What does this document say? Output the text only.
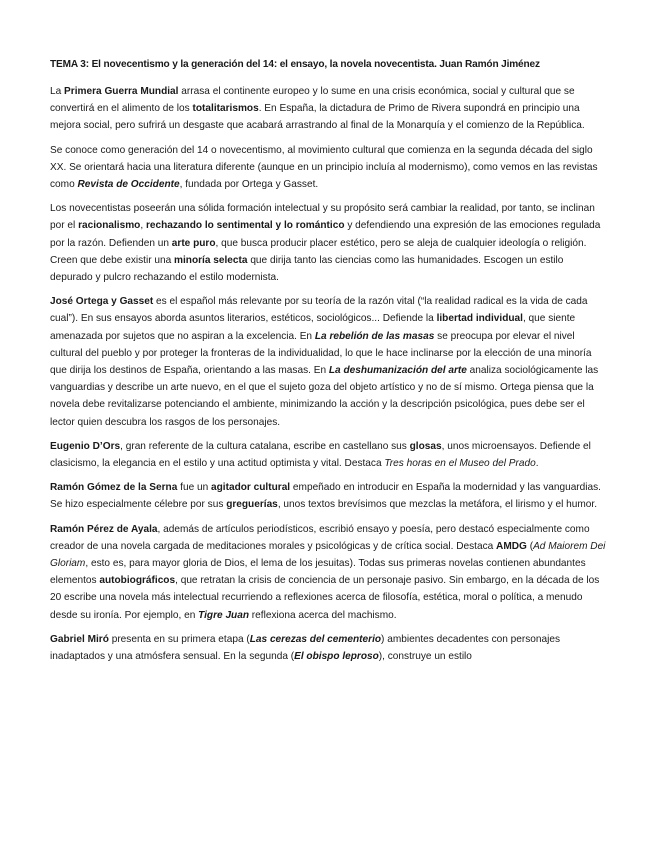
TEMA 3: El novecentismo y la generación del 14: el ensayo, la novela novecentista. Juan Ramón Jiménez

La Primera Guerra Mundial arrasa el continente europeo y lo sume en una crisis económica, social y cultural que se convertirá en el alimento de los totalitarismos. En España, la dictadura de Primo de Rivera supondrá en principio una mejora social, pero sufrirá un desgaste que acabará arrastrando al final de la Monarquía y el comienzo de la República.

Se conoce como generación del 14 o novecentismo, al movimiento cultural que comienza en la segunda década del siglo XX. Se orientará hacia una literatura diferente (aunque en un principio incluía al modernismo), como vemos en las revistas como Revista de Occidente, fundada por Ortega y Gasset.

Los novecentistas poseerán una sólida formación intelectual y su propósito será cambiar la realidad, por tanto, se inclinan por el racionalismo, rechazando lo sentimental y lo romántico y defendiendo una expresión de las emociones regulada por la razón. Defienden un arte puro, que busca producir placer estético, pero se aleja de cualquier ideología o religión. Creen que debe existir una minoría selecta que dirija tanto las ciencias como las humanidades. Escogen un estilo depurado y pulcro rechazando el estilo modernista.

José Ortega y Gasset es el español más relevante por su teoría de la razón vital (“la realidad radical es la vida de cada cual”). En sus ensayos aborda asuntos literarios, estéticos, sociológicos... Defiende la libertad individual, que siente amenazada por sujetos que no aspiran a la excelencia. En La rebelión de las masas se preocupa por elevar el nivel cultural del pueblo y por proteger la fronteras de la individualidad, lo que le hace inclinarse por la elección de una minoría que dirija los destinos de España, orientando a las masas. En La deshumanización del arte analiza sociológicamente las vanguardias y describe un arte nuevo, en el que el sujeto goza del objeto artístico y no de sí mismo. Ortega piensa que la novela debe revitalizarse potenciando el ambiente, minimizando la acción y la descripción psicológica, pues debe ser el lector quien descubra los rasgos de los personajes.

Eugenio D’Ors, gran referente de la cultura catalana, escribe en castellano sus glosas, unos microensayos. Defiende el clasicismo, la elegancia en el estilo y una actitud optimista y vital. Destaca Tres horas en el Museo del Prado.

Ramón Gómez de la Serna fue un agitador cultural empeñado en introducir en España la modernidad y las vanguardias. Se hizo especialmente célebre por sus greguerías, unos textos brevísimos que mezclas la metáfora, el lirismo y el humor.

Ramón Pérez de Ayala, además de artículos periodísticos, escribió ensayo y poesía, pero destacó especialmente como creador de una novela cargada de meditaciones morales y psicológicas y de crítica social. Destaca AMDG (Ad Maiorem Dei Gloriam, esto es, para mayor gloria de Dios, el lema de los jesuitas). Todas sus primeras novelas contienen abundantes elementos autobiográficos, que retratan la crisis de conciencia de un personaje pasivo. Sin embargo, en la década de los 20 escribe una novela más intelectual recurriendo a reflexiones acerca de filosofía, estética, moral o política, a menudo desde su ironía. Por ejemplo, en Tigre Juan reflexiona acerca del machismo.

Gabriel Miró presenta en su primera etapa (Las cerezas del cementerio) ambientes decadentes con personajes inadaptados y una atmósfera sensual. En la segunda (El obispo leproso), construye un estilo
